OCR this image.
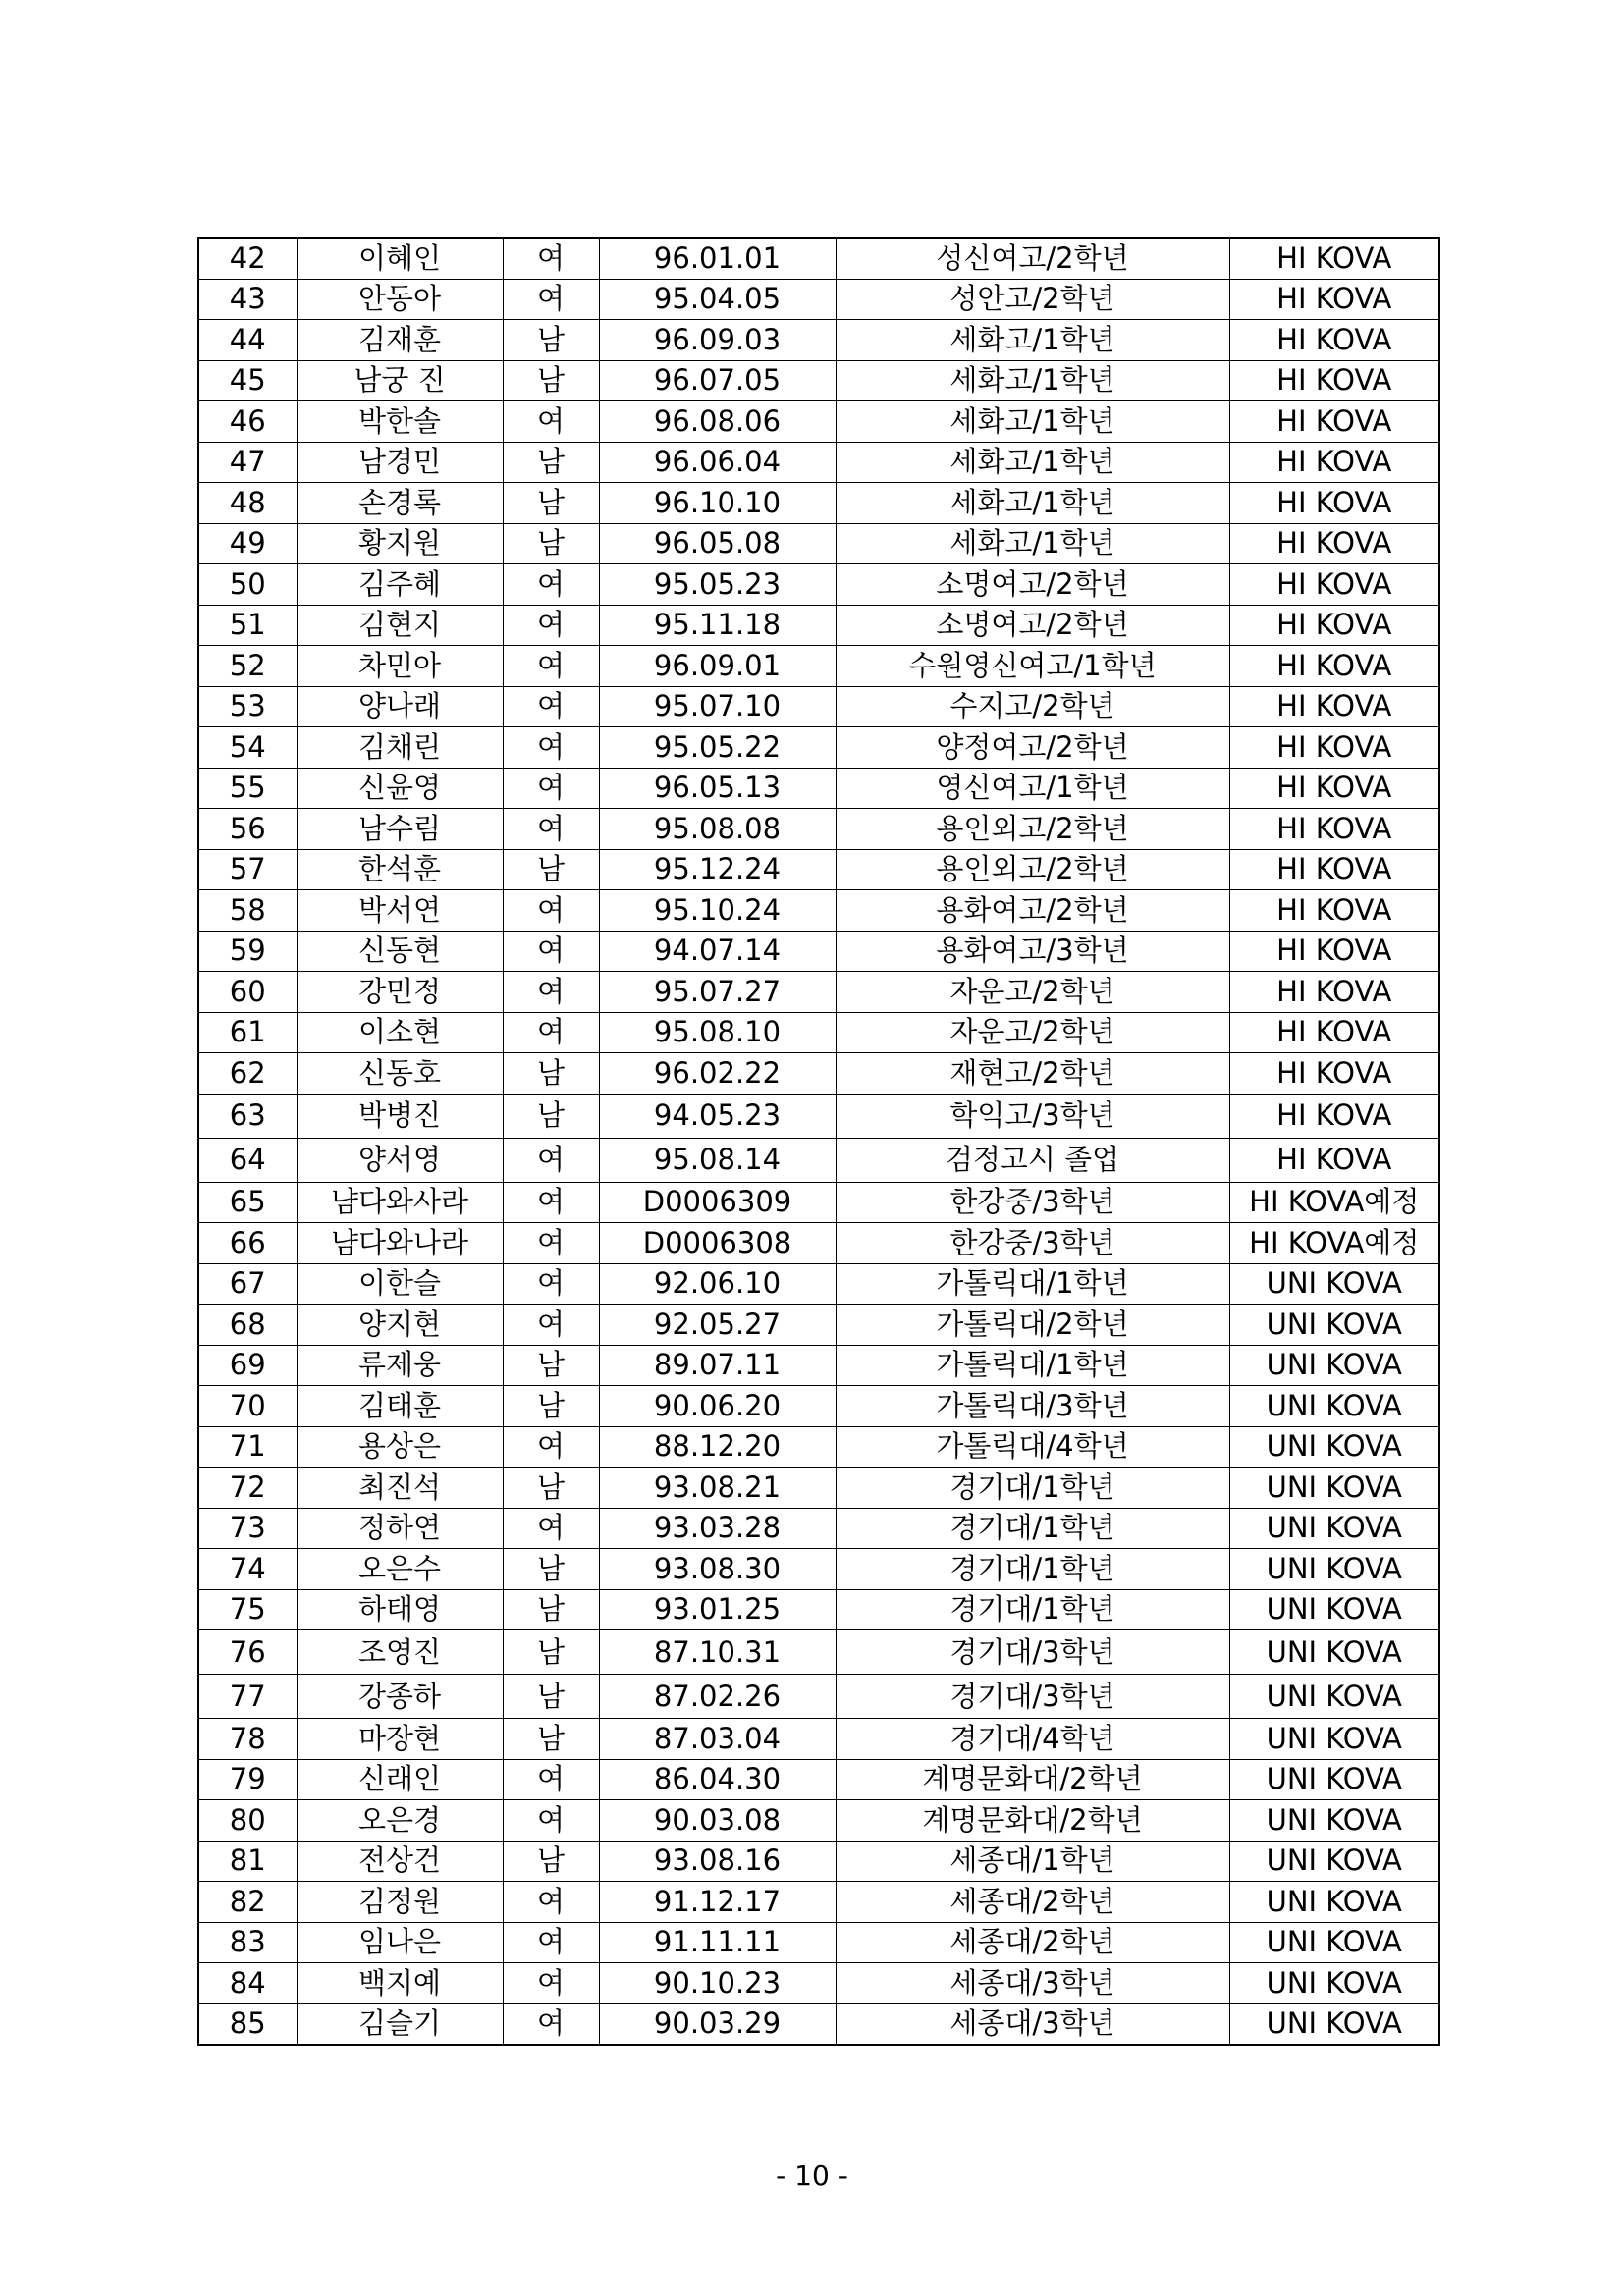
42	이혜인	여	96.01.01	성신여고/2학년	HI KOVA
43	안동아	여	95.04.05	성안고/2학년	HI KOVA
44	김재훈	남	96.09.03	세화고/1학년	HI KOVA
45	남궁 진	남	96.07.05	세화고/1학년	HI KOVA
46	박한솔	여	96.08.06	세화고/1학년	HI KOVA
47	남경민	남	96.06.04	세화고/1학년	HI KOVA
48	손경록	남	96.10.10	세화고/1학년	HI KOVA
49	황지원	남	96.05.08	세화고/1학년	HI KOVA
50	김주혜	여	95.05.23	소명여고/2학년	HI KOVA
51	김현지	여	95.11.18	소명여고/2학년	HI KOVA
52	차민아	여	96.09.01	수원영신여고/1학년	HI KOVA
53	양나래	여	95.07.10	수지고/2학년	HI KOVA
54	김채린	여	95.05.22	양정여고/2학년	HI KOVA
55	신윤영	여	96.05.13	영신여고/1학년	HI KOVA
56	남수림	여	95.08.08	용인외고/2학년	HI KOVA
57	한석훈	남	95.12.24	용인외고/2학년	HI KOVA
58	박서연	여	95.10.24	용화여고/2학년	HI KOVA
59	신동현	여	94.07.14	용화여고/3학년	HI KOVA
60	강민정	여	95.07.27	자운고/2학년	HI KOVA
61	이소현	여	95.08.10	자운고/2학년	HI KOVA
62	신동호	남	96.02.22	재현고/2학년	HI KOVA
63	박병진	남	94.05.23	학익고/3학년	HI KOVA
64	양서영	여	95.08.14	검정고시 졸업	HI KOVA
65	냠다와사라	여	D0006309	한강중/3학년	HI KOVA예정
66	냠다와나라	여	D0006308	한강중/3학년	HI KOVA예정
67	이한슬	여	92.06.10	가톨릭대/1학년	UNI KOVA
68	양지현	여	92.05.27	가톨릭대/2학년	UNI KOVA
69	류제웅	남	89.07.11	가톨릭대/1학년	UNI KOVA
70	김태훈	남	90.06.20	가톨릭대/3학년	UNI KOVA
71	용상은	여	88.12.20	가톨릭대/4학년	UNI KOVA
72	최진석	남	93.08.21	경기대/1학년	UNI KOVA
73	정하연	여	93.03.28	경기대/1학년	UNI KOVA
74	오은수	남	93.08.30	경기대/1학년	UNI KOVA
75	하태영	남	93.01.25	경기대/1학년	UNI KOVA
76	조영진	남	87.10.31	경기대/3학년	UNI KOVA
77	강종하	남	87.02.26	경기대/3학년	UNI KOVA
78	마장현	남	87.03.04	경기대/4학년	UNI KOVA
79	신래인	여	86.04.30	계명문화대/2학년	UNI KOVA
80	오은경	여	90.03.08	계명문화대/2학년	UNI KOVA
81	전상건	남	93.08.16	세종대/1학년	UNI KOVA
82	김정원	여	91.12.17	세종대/2학년	UNI KOVA
83	임나은	여	91.11.11	세종대/2학년	UNI KOVA
84	백지예	여	90.10.23	세종대/3학년	UNI KOVA
85	김슬기	여	90.03.29	세종대/3학년	UNI KOVA
- 10 -
